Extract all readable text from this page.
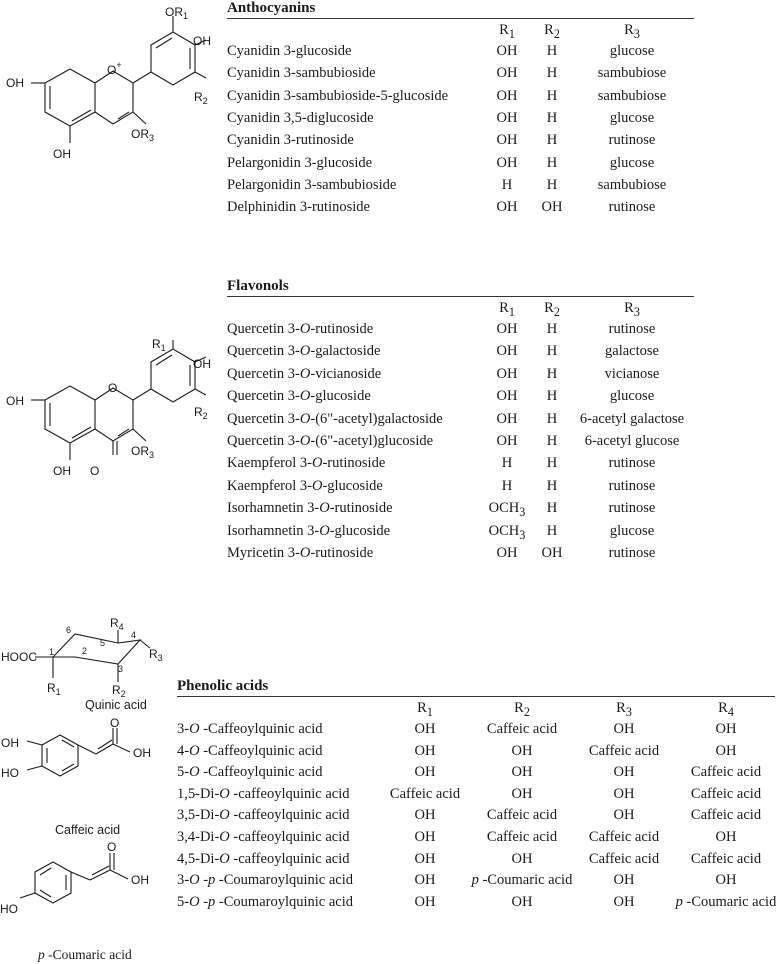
$OR_1$
OH
OH
O+
$R_2$
$OR_3$
OH
Anthocyanins
$R_1$	$R_2$	$R_3$
Cyanidin 3-glucoside	OH	H	glucose
Cyanidin 3-sambubioside	OH	H	sambubiose
Cyanidin 3-sambubioside-5-glucoside	OH	H	sambubiose
Cyanidin 3,5-diglucoside	OH	H	glucose
Cyanidin 3-rutinoside	OH	H	rutinose
Pelargonidin 3-glucoside	OH	H	glucose
Pelargonidin 3-sambubioside	H	H	sambubiose
Delphinidin 3-rutinoside	OH	OH	rutinose
$R_1$
OH
OH
O
$R_2$
$OR_3$
OH O
Flavonols
$R_1$	$R_2$	$R_3$
Quercetin 3-O-rutinoside	OH	H	rutinose
Quercetin 3-O-galactoside	OH	H	galactose
Quercetin 3-O-vicianoside	OH	H	vicianose
Quercetin 3-O-glucoside	OH	H	glucose
Quercetin 3-O-(6"-acetyl)galactoside	OH	H	6-acetyl galactose
Quercetin 3-O-(6"-acetyl)glucoside	OH	H	6-acetyl glucose
Kaempferol 3-O-rutinoside	H	H	rutinose
Kaempferol 3-O-glucoside	H	H	rutinose
Isorhamnetin 3-O-rutinoside	$OCH_3$	H	rutinose
Isorhamnetin 3-O-glucoside	$OCH_3$	H	glucose
Myricetin 3-O-rutinoside	OH	OH	rutinose
HOOC
$R_1$	$R_2$
$R_3$
$R_4$
1	2
3
4
5
6
Quinic acid
OH
HO
O
OH
Caffeic acid
HO
O
OH
p -Coumaric acid
Phenolic acids
$R_1$	$R_2$	$R_3$	$R_4$
3-O -Caffeoylquinic acid	OH	Caffeic acid	OH	OH
4-O -Caffeoylquinic acid	OH	OH	Caffeic acid	OH
5-O -Caffeoylquinic acid	OH	OH	OH	Caffeic acid
1,5-Di-O -caffeoylquinic acid	Caffeic acid	OH	OH	Caffeic acid
3,5-Di-O -caffeoylquinic acid	OH	Caffeic acid	OH	Caffeic acid
3,4-Di-O -caffeoylquinic acid	OH	Caffeic acid	Caffeic acid	OH
4,5-Di-O -caffeoylquinic acid	OH	OH	Caffeic acid	Caffeic acid
3-O -p -Coumaroylquinic acid	OH	p -Coumaric acid	OH	OH
5-O -p -Coumaroylquinic acid	OH	OH	OH	p -Coumaric acid
